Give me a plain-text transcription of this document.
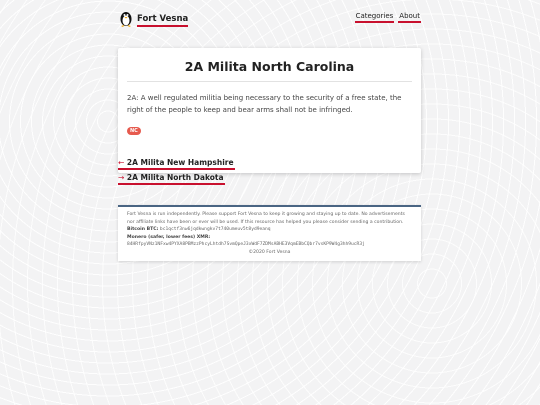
Fort Vesna	Categories About
2A Milita North Carolina

2A: A well regulated militia being necessary to the security of a free state, the right of the people to keep and bear arms shall not be infringed.

NC
← 2A Milita New Hampshire
→ 2A Milita North Dakota
Fort Vesna is run independently. Please support Fort Vesna to keep it growing and staying up to date. No advertisements nor affiliate links have been or ever will be used. If this resource has helped you please consider sending a contribution.
Bitcoin BTC: bc1qctf3nw6jqdkwngkv7t740umeuv5t8yd9eanq
Monero (safer, lower fees) XMR:
84HRfpyVNz1NFxw4PYXA8PBMzzPhcyLhtdh7SvmQpeJ3xWdF7ZDMsABHE3VqmEBbCQbr7vsKP9W4g3hh9ucR3j
©2020 Fort Vesna
